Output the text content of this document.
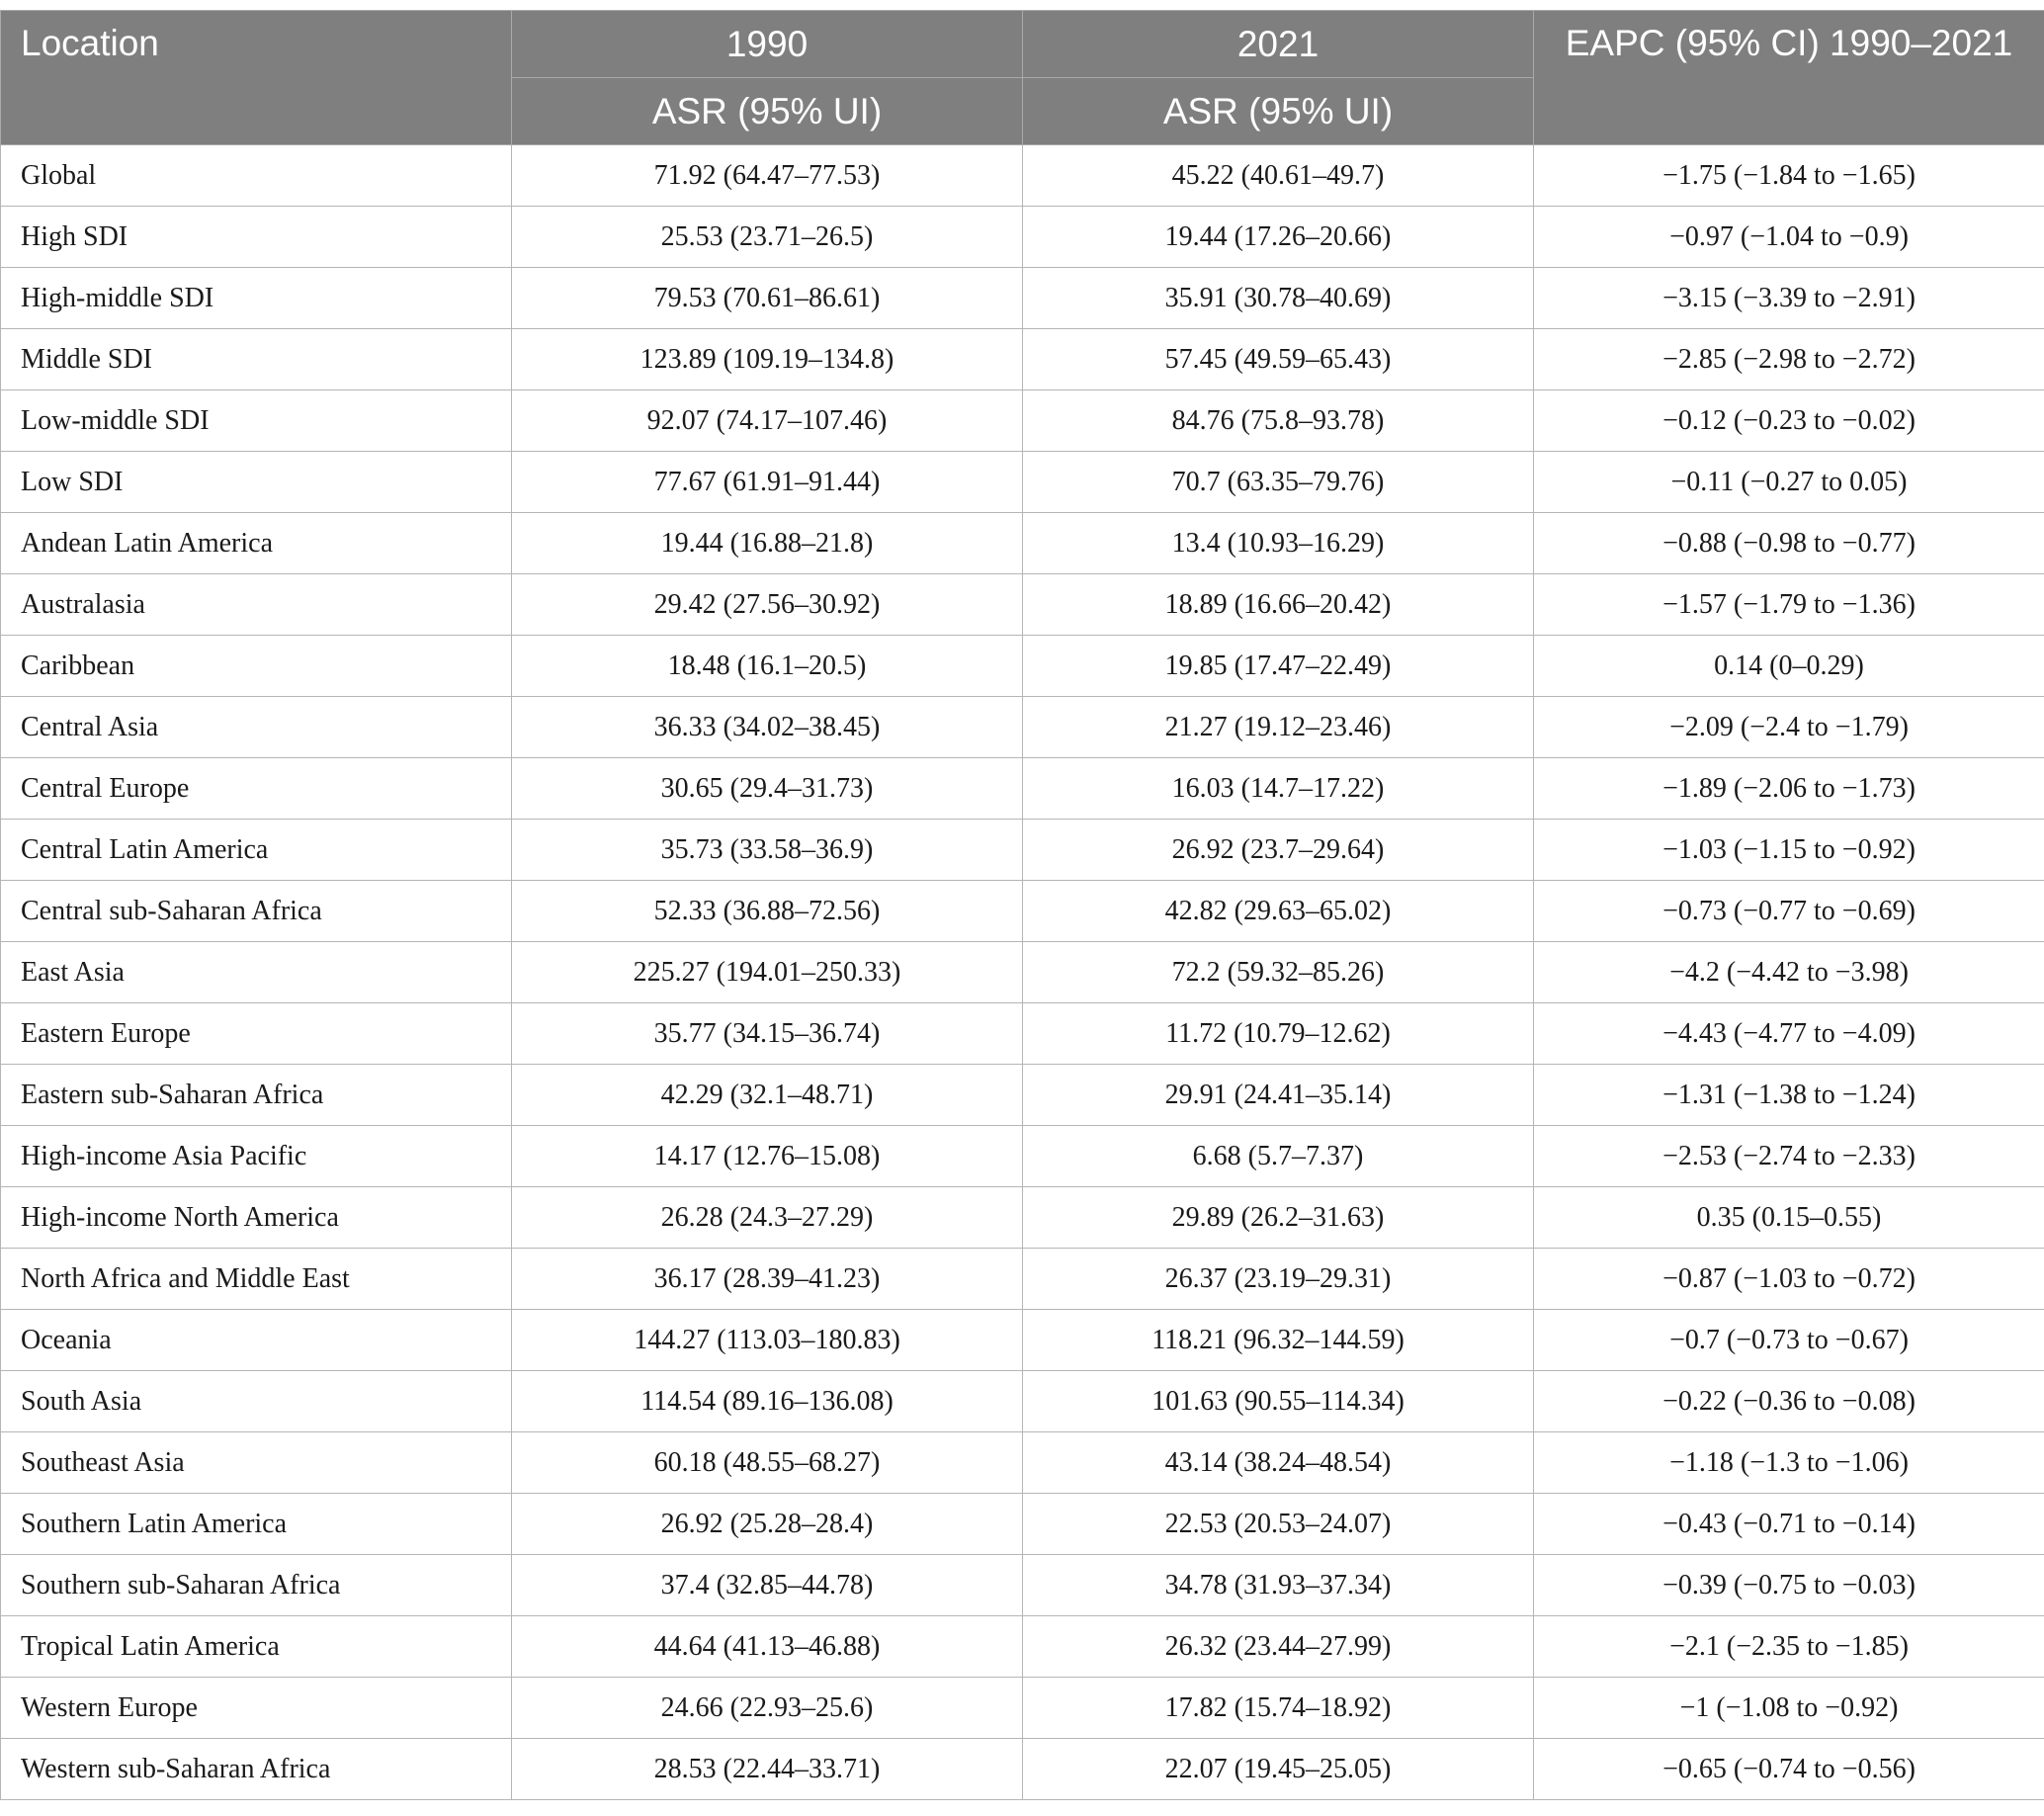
Location	1990	2021	EAPC (95% CI) 1990–2021
	ASR (95% UI)	ASR (95% UI)	
Global	71.92 (64.47–77.53)	45.22 (40.61–49.7)	−1.75 (−1.84 to −1.65)
High SDI	25.53 (23.71–26.5)	19.44 (17.26–20.66)	−0.97 (−1.04 to −0.9)
High-middle SDI	79.53 (70.61–86.61)	35.91 (30.78–40.69)	−3.15 (−3.39 to −2.91)
Middle SDI	123.89 (109.19–134.8)	57.45 (49.59–65.43)	−2.85 (−2.98 to −2.72)
Low-middle SDI	92.07 (74.17–107.46)	84.76 (75.8–93.78)	−0.12 (−0.23 to −0.02)
Low SDI	77.67 (61.91–91.44)	70.7 (63.35–79.76)	−0.11 (−0.27 to 0.05)
Andean Latin America	19.44 (16.88–21.8)	13.4 (10.93–16.29)	−0.88 (−0.98 to −0.77)
Australasia	29.42 (27.56–30.92)	18.89 (16.66–20.42)	−1.57 (−1.79 to −1.36)
Caribbean	18.48 (16.1–20.5)	19.85 (17.47–22.49)	0.14 (0–0.29)
Central Asia	36.33 (34.02–38.45)	21.27 (19.12–23.46)	−2.09 (−2.4 to −1.79)
Central Europe	30.65 (29.4–31.73)	16.03 (14.7–17.22)	−1.89 (−2.06 to −1.73)
Central Latin America	35.73 (33.58–36.9)	26.92 (23.7–29.64)	−1.03 (−1.15 to −0.92)
Central sub-Saharan Africa	52.33 (36.88–72.56)	42.82 (29.63–65.02)	−0.73 (−0.77 to −0.69)
East Asia	225.27 (194.01–250.33)	72.2 (59.32–85.26)	−4.2 (−4.42 to −3.98)
Eastern Europe	35.77 (34.15–36.74)	11.72 (10.79–12.62)	−4.43 (−4.77 to −4.09)
Eastern sub-Saharan Africa	42.29 (32.1–48.71)	29.91 (24.41–35.14)	−1.31 (−1.38 to −1.24)
High-income Asia Pacific	14.17 (12.76–15.08)	6.68 (5.7–7.37)	−2.53 (−2.74 to −2.33)
High-income North America	26.28 (24.3–27.29)	29.89 (26.2–31.63)	0.35 (0.15–0.55)
North Africa and Middle East	36.17 (28.39–41.23)	26.37 (23.19–29.31)	−0.87 (−1.03 to −0.72)
Oceania	144.27 (113.03–180.83)	118.21 (96.32–144.59)	−0.7 (−0.73 to −0.67)
South Asia	114.54 (89.16–136.08)	101.63 (90.55–114.34)	−0.22 (−0.36 to −0.08)
Southeast Asia	60.18 (48.55–68.27)	43.14 (38.24–48.54)	−1.18 (−1.3 to −1.06)
Southern Latin America	26.92 (25.28–28.4)	22.53 (20.53–24.07)	−0.43 (−0.71 to −0.14)
Southern sub-Saharan Africa	37.4 (32.85–44.78)	34.78 (31.93–37.34)	−0.39 (−0.75 to −0.03)
Tropical Latin America	44.64 (41.13–46.88)	26.32 (23.44–27.99)	−2.1 (−2.35 to −1.85)
Western Europe	24.66 (22.93–25.6)	17.82 (15.74–18.92)	−1 (−1.08 to −0.92)
Western sub-Saharan Africa	28.53 (22.44–33.71)	22.07 (19.45–25.05)	−0.65 (−0.74 to −0.56)
